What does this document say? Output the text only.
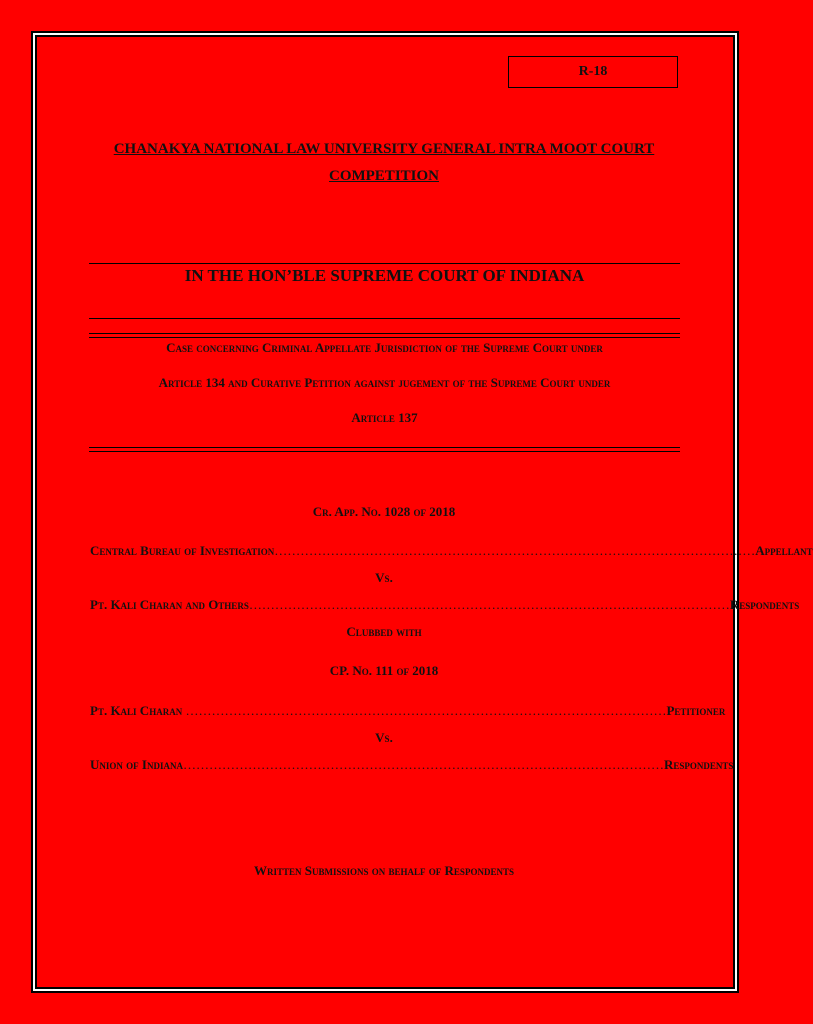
R-18
CHANAKYA NATIONAL LAW UNIVERSITY GENERAL INTRA MOOT COURT
COMPETITION
IN THE HON’BLE SUPREME COURT OF INDIANA
Case concerning Criminal Appellate Jurisdiction of the Supreme Court under
Article 134 and Curative Petition against jugement of the Supreme Court under
Article 137
Cr. App. No. 1028 of 2018
Central Bureau of Investigation ………………………………………………………………………………………………… Appellant
Vs.
Pt. Kali Charan and Others ………………………………………………………………………………………………… Respondents
Clubbed with
CP. No. 111 of 2018
Pt. Kali Charan ………………………………………………………………………………………………… Petitioner
Vs.
Union of Indiana ………………………………………………………………………………………………… Respondents
Written Submissions on behalf of Respondents
